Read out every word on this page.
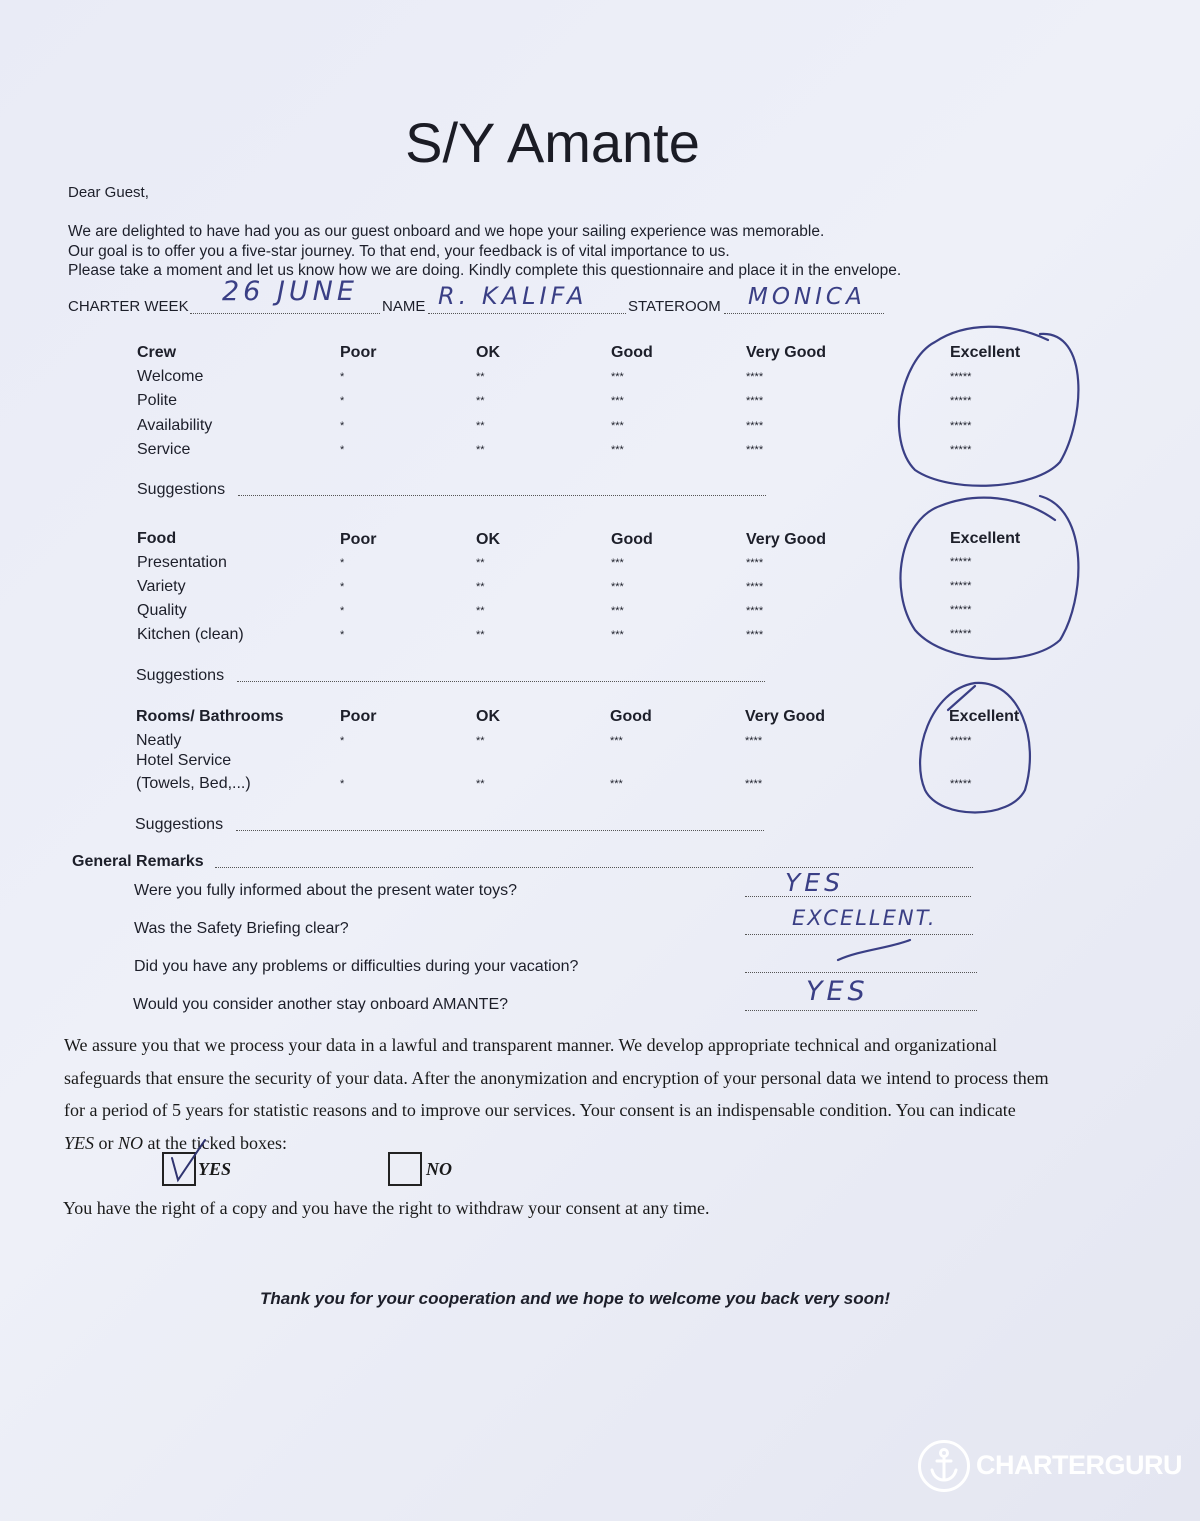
S/Y Amante
Dear Guest,
We are delighted to have had you as our guest onboard and we hope your sailing experience was memorable.
Our goal is to offer you a five-star journey. To that end, your feedback is of vital importance to us.
Please take a moment and let us know how we are doing. Kindly complete this questionnaire and place it in the envelope.
CHARTER WEEK 26 JUNE NAME R. KALIFA	STATEROOM MONICA
Crew	Poor	OK	Good	Very Good	Excellent
Welcome	*	**	***	****	*****
Polite	*	**	***	****	*****
Availability	*	**	***	****	*****
Service	*	**	***	****	*****
Suggestions
Food	Poor	OK	Good	Very Good	Excellent
Presentation	*	**	***	****	*****
Variety	*	**	***	****	*****
Quality	*	**	***	****	*****
Kitchen (clean)	*	**	***	****	*****
Suggestions
Rooms/ Bathrooms	Poor	OK	Good	Very Good	Excellent
Neatly	*	**	***	****	*****
Hotel Service
(Towels, Bed,...)	*	**	***	****	*****
Suggestions
General Remarks
Were you fully informed about the present water toys?	YES
Was the Safety Briefing clear?	EXCELLENT.
Did you have any problems or difficulties during your vacation?
Would you consider another stay onboard AMANTE?	YES
We assure you that we process your data in a lawful and transparent manner. We develop appropriate technical and organizational
safeguards that ensure the security of your data. After the anonymization and encryption of your personal data we intend to process them
for a period of 5 years for statistic reasons and to improve our services. Your consent is an indispensable condition. You can indicate
YES or NO at the ticked boxes:
YES	NO
You have the right of a copy and you have the right to withdraw your consent at any time.
Thank you for your cooperation and we hope to welcome you back very soon!
CHARTERGURU
